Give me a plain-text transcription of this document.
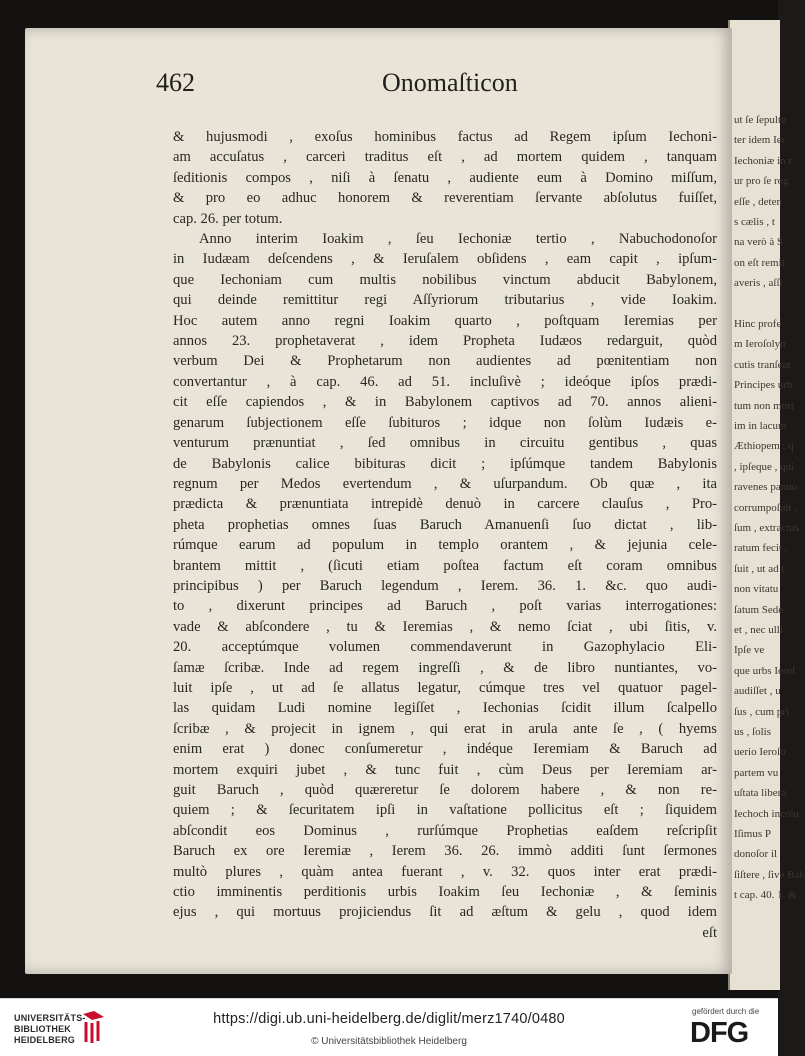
ut ſe ſepultu
ter idem Ier
Iechoniæ in r
ur pro ſe rog
eſſe , deten
s cælis , t
na verò à S
on eſt remiſ
averis , aſſi
Hinc profe
m Ieroſolyn
cutis tranſeat
Principes urb
tum non mort
im in lacum
Æthiopem , q
, ipſeque , qui
ravenes panno
corrumpoſuit ,
ſum , extractus
ratum fecit ,
ſuit , ut ad (
non vitatu
ſatum Sede
et , nec ulli
Ipſe ve
que urbs Ieroſ
audiſſet , u
ſus , cum pri
us , ſolis
uerio Ieroſo
partem vu
uſtata libera
Iechoch incolu
Iſimus P
donoſor il
ſiſtere , ſive Bab
t cap. 40. 1. &
462	Onomaſticon
& hujusmodi , exoſus hominibus factus ad Regem ipſum Iechoni-
am accuſatus , carceri traditus eſt , ad mortem quidem , tanquam
ſeditionis compos , niſi à ſenatu , audiente eum à Domino miſſum,
& pro eo adhuc honorem & reverentiam ſervante abſolutus fuiſſet,
cap. 26. per totum.
Anno interim Ioakim , ſeu Iechoniæ tertio , Nabuchodonoſor
in Iudæam deſcendens , & Ieruſalem obſidens , eam capit , ipſum-
que Iechoniam cum multis nobilibus vinctum abducit Babylonem,
qui deinde remittitur regi Aſſyriorum tributarius , vide Ioakim.
Hoc autem anno regni Ioakim quarto , poſtquam Ieremias per
annos 23. prophetaverat , idem Propheta Iudæos redarguit, quòd
verbum Dei & Prophetarum non audientes ad pœnitentiam non
convertantur , à cap. 46. ad 51. incluſivè ; ideóque ipſos prædi-
cit eſſe capiendos , & in Babylonem captivos ad 70. annos alieni-
genarum ſubjectionem eſſe ſubituros ; idque non ſolùm Iudæis e-
venturum prænuntiat , ſed omnibus in circuitu gentibus , quas
de Babylonis calice bibituras dicit ; ipſúmque tandem Babylonis
regnum per Medos evertendum , & uſurpandum. Ob quæ , ita
prædicta & prænuntiata intrepidè denuò in carcere clauſus , Pro-
pheta prophetias omnes ſuas Baruch Amanuenſi ſuo dictat , lib-
rúmque earum ad populum in templo orantem , & jejunia cele-
brantem mittit , (ſicuti etiam poſtea factum eſt coram omnibus
principibus ) per Baruch legendum , Ierem. 36. 1. &c. quo audi-
to , dixerunt principes ad Baruch , poſt varias interrogationes:
vade & abſcondere , tu & Ieremias , & nemo ſciat , ubi ſitis, v.
20. acceptúmque volumen commendaverunt in Gazophylacio Eli-
ſamæ ſcribæ. Inde ad regem ingreſſi , & de libro nuntiantes, vo-
luit ipſe , ut ad ſe allatus legatur, cúmque tres vel quatuor pagel-
las quidam Ludi nomine legiſſet , Iechonias ſcidit illum ſcalpello
ſcribæ , & projecit in ignem , qui erat in arula ante ſe , ( hyems
enim erat ) donec conſumeretur , indéque Ieremiam & Baruch ad
mortem exquiri jubet , & tunc fuit , cùm Deus per Ieremiam ar-
guit Baruch , quòd quæreretur ſe dolorem habere , & non re-
quiem ; & ſecuritatem ipſi in vaſtatione pollicitus eſt ; ſiquidem
abſcondit eos Dominus , rurſúmque Prophetias eaſdem reſcripſit
Baruch ex ore Ieremiæ , Ierem 36. 26. immò additi ſunt ſermones
multò plures , quàm antea fuerant , v. 32. quos inter erat prædi-
ctio imminentis perditionis urbis Ioakim ſeu Iechoniæ , & ſeminis
ejus , qui mortuus projiciendus ſit ad æſtum & gelu , quod idem
eſt
UNIVERSITÄTS-
BIBLIOTHEK
HEIDELBERG
https://digi.ub.uni-heidelberg.de/diglit/merz1740/0480
© Universitätsbibliothek Heidelberg
gefördert durch die
DFG
